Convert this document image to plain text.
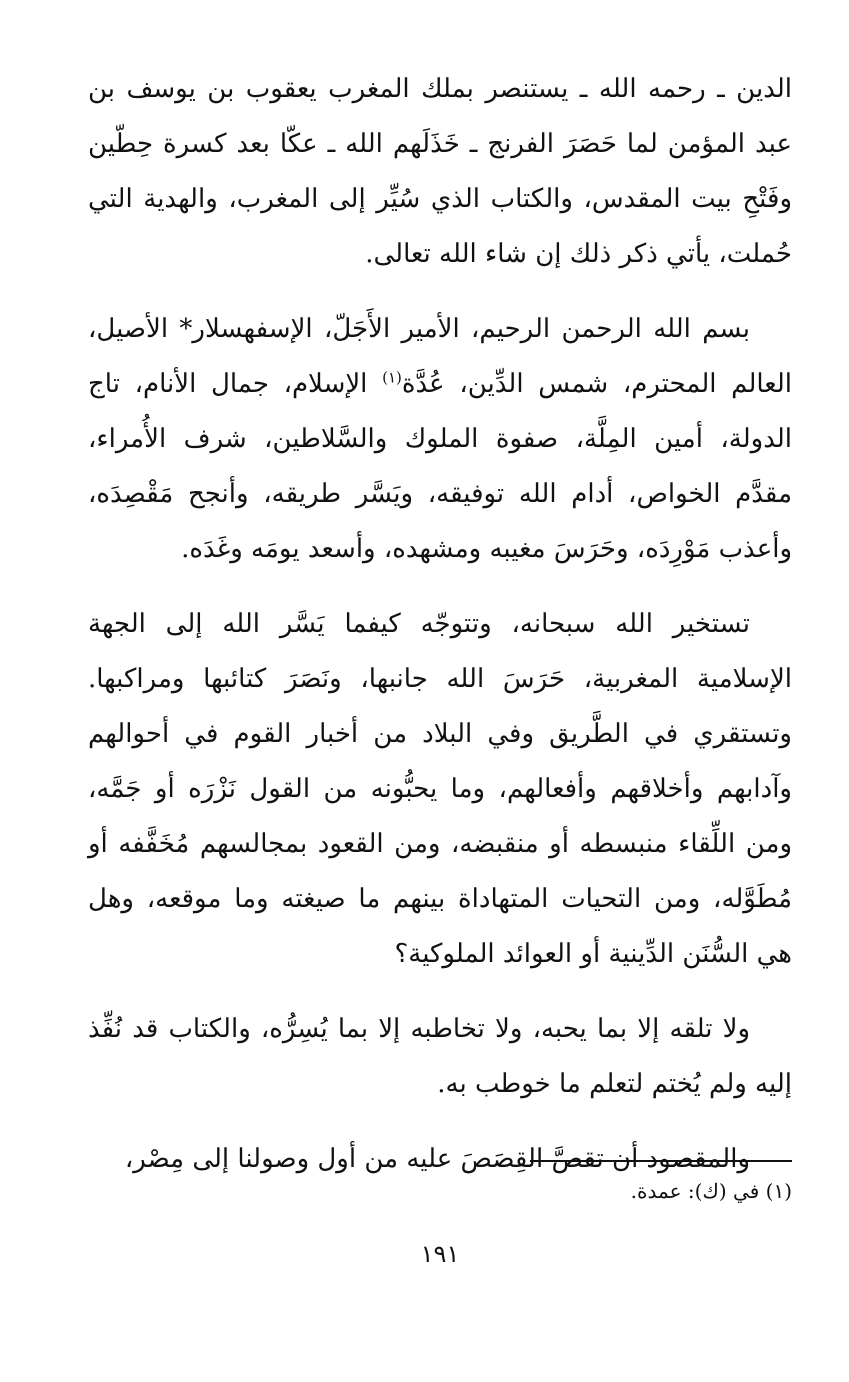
الدين ـ رحمه الله ـ يستنصر بملك المغرب يعقوب بن يوسف بن عبد المؤمن لما حَصَرَ الفرنج ـ خَذَلَهم الله ـ عكّا بعد كسرة حِطّين وفَتْحِ بيت المقدس، والكتاب الذي سُيِّر إلى المغرب، والهدية التي حُملت، يأتي ذكر ذلك إن شاء الله تعالى.

بسم الله الرحمن الرحيم، الأمير الأَجَلّ، الإسفهسلار* الأصيل، العالم المحترم، شمس الدِّين، عُدَّة$^{(١)}$ الإسلام، جمال الأنام، تاج الدولة، أمين المِلَّة، صفوة الملوك والسَّلاطين، شرف الأُمراء، مقدَّم الخواص، أدام الله توفيقه، ويَسَّر طريقه، وأنجح مَقْصِدَه، وأعذب مَوْرِدَه، وحَرَسَ مغيبه ومشهده، وأسعد يومَه وغَدَه.

تستخير الله سبحانه، وتتوجّه كيفما يَسَّر الله إلى الجهة الإسلامية المغربية، حَرَسَ الله جانبها، ونَصَرَ كتائبها ومراكبها. وتستقري في الطَّريق وفي البلاد من أخبار القوم في أحوالهم وآدابهم وأخلاقهم وأفعالهم، وما يحبُّونه من القول نَزْرَه أو جَمَّه، ومن اللِّقاء منبسطه أو منقبضه، ومن القعود بمجالسهم مُخَفَّفه أو مُطَوَّله، ومن التحيات المتهاداة بينهم ما صيغته وما موقعه، وهل هي السُّنَن الدِّينية أو العوائد الملوكية؟

ولا تلقه إلا بما يحبه، ولا تخاطبه إلا بما يُسِرُّه، والكتاب قد نُفِّذ إليه ولم يُختم لتعلم ما خوطب به.

والمقصود أن تقصَّ القِصَصَ عليه من أول وصولنا إلى مِصْر،

(١) في (ك): عمدة.

١٩١
